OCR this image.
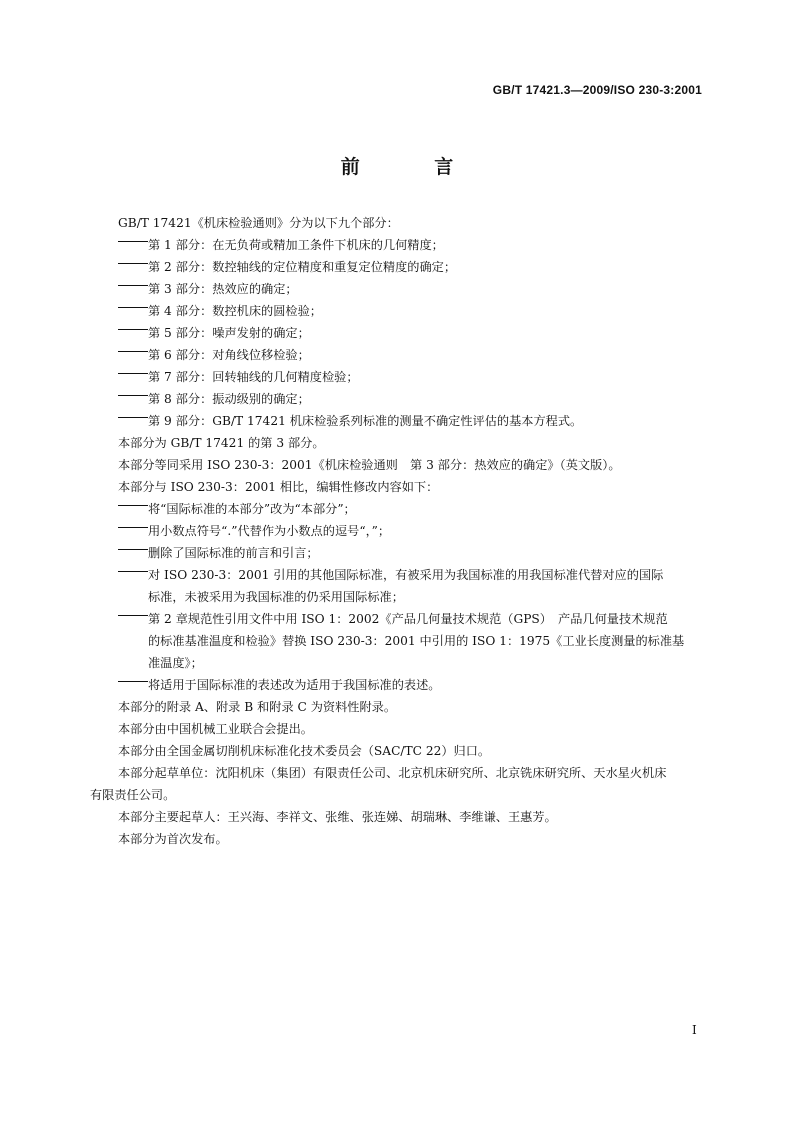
GB/T 17421.3—2009/ISO 230-3:2001
前 言
GB/T 17421《机床检验通则》分为以下九个部分：
第 1 部分：在无负荷或精加工条件下机床的几何精度；
第 2 部分：数控轴线的定位精度和重复定位精度的确定；
第 3 部分：热效应的确定；
第 4 部分：数控机床的圆检验；
第 5 部分：噪声发射的确定；
第 6 部分：对角线位移检验；
第 7 部分：回转轴线的几何精度检验；
第 8 部分：振动级别的确定；
第 9 部分：GB/T 17421 机床检验系列标准的测量不确定性评估的基本方程式。
本部分为 GB/T 17421 的第 3 部分。
本部分等同采用 ISO 230-3：2001《机床检验通则　第 3 部分：热效应的确定》（英文版）。
本部分与 ISO 230-3：2001 相比，编辑性修改内容如下：
将“国际标准的本部分”改为“本部分”；
用小数点符号“.”代替作为小数点的逗号“，”；
删除了国际标准的前言和引言；
对 ISO 230-3：2001 引用的其他国际标准，有被采用为我国标准的用我国标准代替对应的国际
标准，未被采用为我国标准的仍采用国际标准；
第 2 章规范性引用文件中用 ISO 1：2002《产品几何量技术规范（GPS）　产品几何量技术规范
的标准基准温度和检验》替换 ISO 230-3：2001 中引用的 ISO 1：1975《工业长度测量的标准基
准温度》；
将适用于国际标准的表述改为适用于我国标准的表述。
本部分的附录 A、附录 B 和附录 C 为资料性附录。
本部分由中国机械工业联合会提出。
本部分由全国金属切削机床标准化技术委员会（SAC/TC 22）归口。
本部分起草单位：沈阳机床（集团）有限责任公司、北京机床研究所、北京铣床研究所、天水星火机床
有限责任公司。
本部分主要起草人：王兴海、李祥文、张维、张连娣、胡瑞琳、李维谦、王惠芳。
本部分为首次发布。
I
